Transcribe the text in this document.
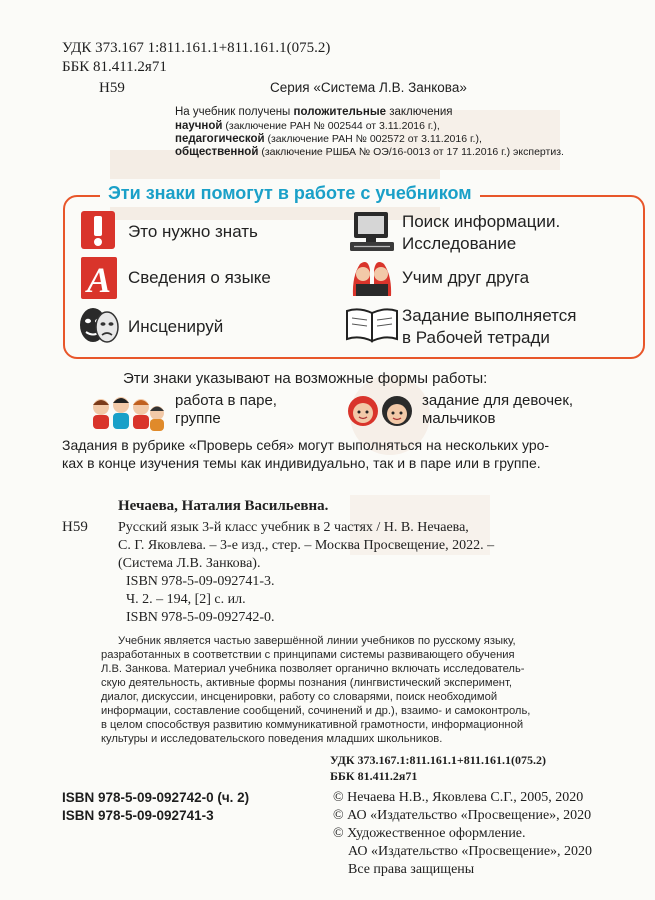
УДК 373.167 1:811.161.1+811.161.1(075.2)
ББК 81.411.2я71
Н59	Серия «Система Л.В. Занкова»
На учебник получены положительные заключения
научной (заключение РАН № 002544 от 3.11.2016 г.),
педагогической (заключение РАН № 002572 от 3.11.2016 г.),
общественной (заключение РШБА № ОЭ/16-0013 от 17 11.2016 г.) экспертиз.
Эти знаки помогут в работе с учебником
Это нужно знать
A Сведения о языке
Инсценируй
Поиск информации.
Исследование
Учим друг друга
Задание выполняется
в Рабочей тетради
Эти знаки указывают на возможные формы работы:
работа в паре,
группе
задание для девочек,
мальчиков
Задания в рубрике «Проверь себя» могут выполняться на нескольких уро-
ках в конце изучения темы как индивидуально, так и в паре или в группе.
Нечаева, Наталия Васильевна.
Н59 Русский язык 3-й класс учебник в 2 частях / Н. В. Нечаева,
С. Г. Яковлева. – 3-е изд., стер. – Москва Просвещение, 2022. –
(Система Л.В. Занкова).
ISBN 978-5-09-092741-3.
Ч. 2. – 194, [2] с. ил.
ISBN 978-5-09-092742-0.
Учебник является частью завершённой линии учебников по русскому языку,
разработанных в соответствии с принципами системы развивающего обучения
Л.В. Занкова. Материал учебника позволяет органично включать исследователь-
скую деятельность, активные формы познания (лингвистический эксперимент,
диалог, дискуссии, инсценировки, работу со словарями, поиск необходимой
информации, составление сообщений, сочинений и др.), взаимо- и самоконтроль,
в целом способствуя развитию коммуникативной грамотности, информационной
культуры и исследовательского поведения младших школьников.
УДК 373.167.1:811.161.1+811.161.1(075.2)
ББК 81.411.2я71
ISBN 978-5-09-092742-0 (ч. 2)
ISBN 978-5-09-092741-3
© Нечаева Н.В., Яковлева С.Г., 2005, 2020
© АО «Издательство «Просвещение», 2020
© Художественное оформление.
АО «Издательство «Просвещение», 2020
Все права защищены
